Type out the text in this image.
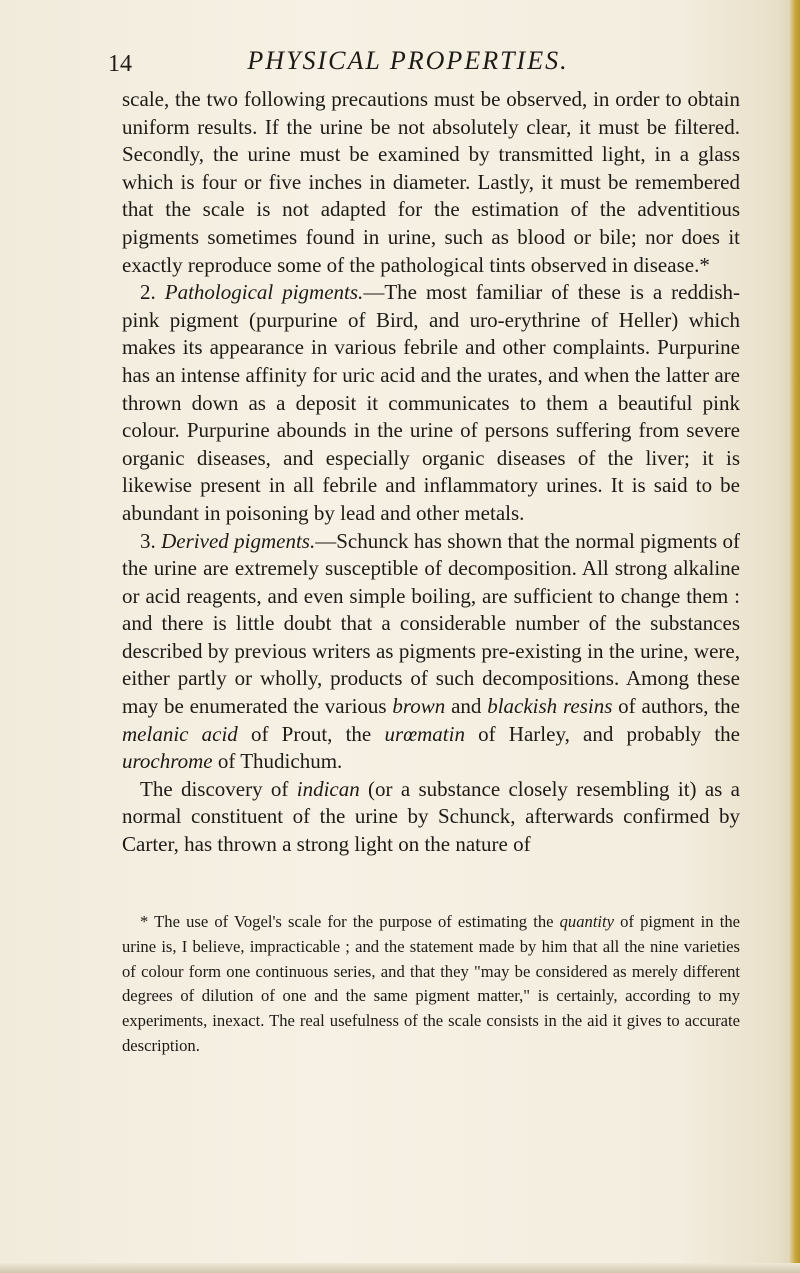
14	PHYSICAL PROPERTIES.

scale, the two following precautions must be observed, in order to obtain uniform results. If the urine be not absolutely clear, it must be filtered. Secondly, the urine must be examined by transmitted light, in a glass which is four or five inches in diameter. Lastly, it must be remembered that the scale is not adapted for the estimation of the adventitious pigments sometimes found in urine, such as blood or bile; nor does it exactly reproduce some of the pathological tints observed in disease.*

2. Pathological pigments.—The most familiar of these is a reddish-pink pigment (purpurine of Bird, and uro-erythrine of Heller) which makes its appearance in various febrile and other complaints. Purpurine has an intense affinity for uric acid and the urates, and when the latter are thrown down as a deposit it communicates to them a beautiful pink colour. Purpurine abounds in the urine of persons suffering from severe organic diseases, and especially organic diseases of the liver; it is likewise present in all febrile and inflammatory urines. It is said to be abundant in poisoning by lead and other metals.

3. Derived pigments.—Schunck has shown that the normal pigments of the urine are extremely susceptible of decomposition. All strong alkaline or acid reagents, and even simple boiling, are sufficient to change them : and there is little doubt that a considerable number of the substances described by previous writers as pigments pre-existing in the urine, were, either partly or wholly, products of such decompositions. Among these may be enumerated the various brown and blackish resins of authors, the melanic acid of Prout, the urœmatin of Harley, and probably the urochrome of Thudichum.

The discovery of indican (or a substance closely resembling it) as a normal constituent of the urine by Schunck, afterwards confirmed by Carter, has thrown a strong light on the nature of

* The use of Vogel's scale for the purpose of estimating the quantity of pigment in the urine is, I believe, impracticable ; and the statement made by him that all the nine varieties of colour form one continuous series, and that they "may be considered as merely different degrees of dilution of one and the same pigment matter," is certainly, according to my experiments, inexact. The real usefulness of the scale consists in the aid it gives to accurate description.
